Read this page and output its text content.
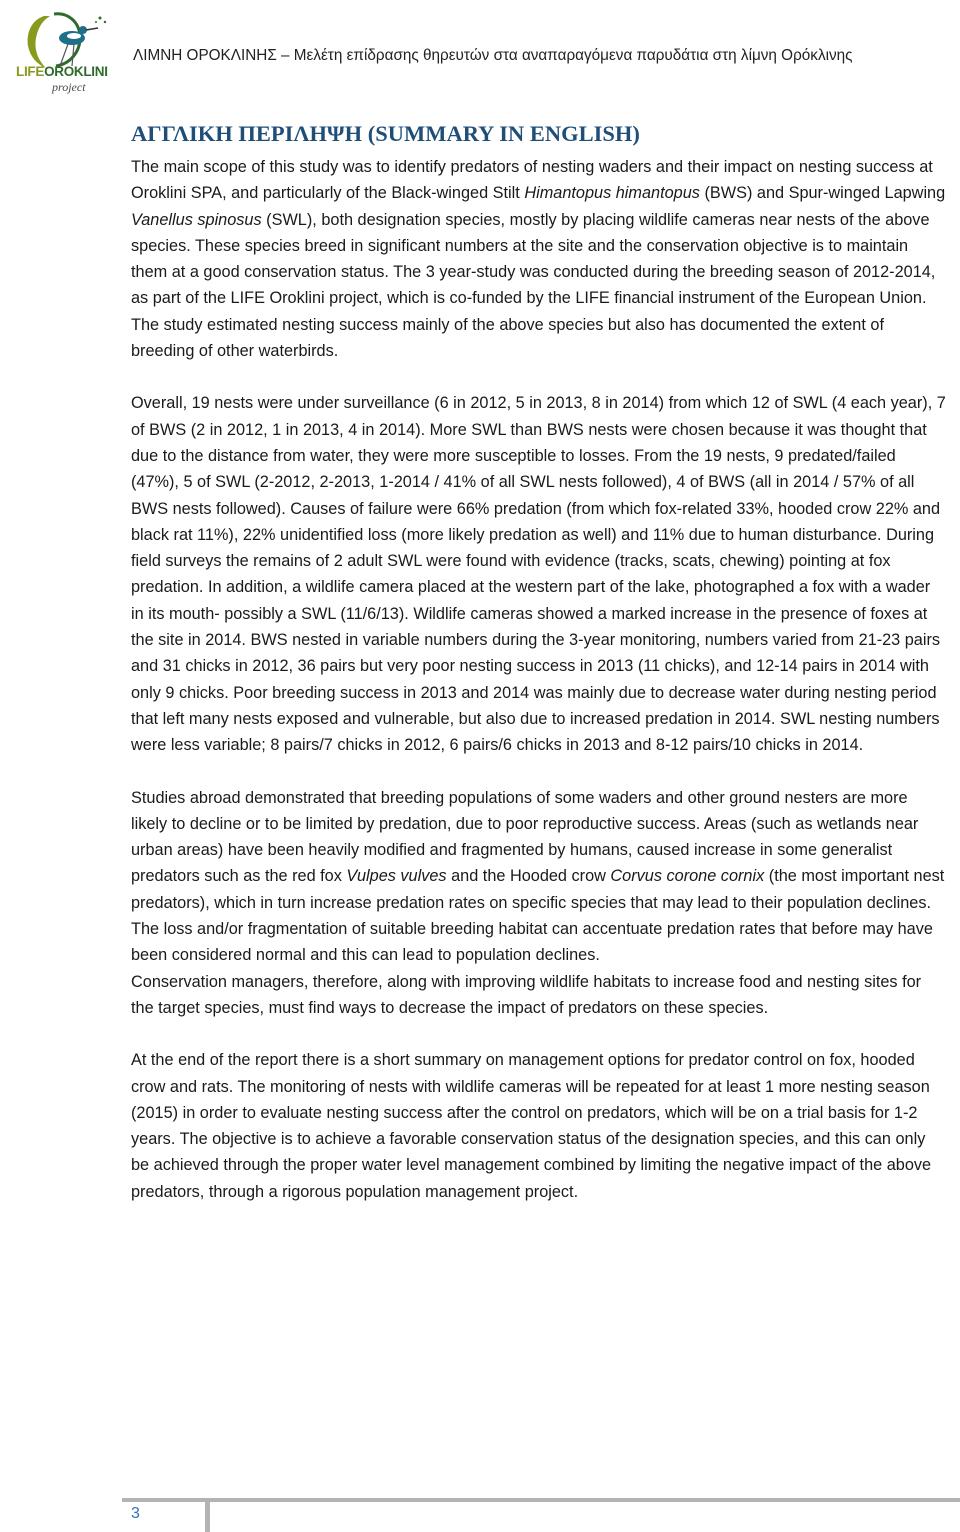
LIFEOROKLINI
project
ΛΙΜΝΗ ΟΡΟΚΛΙΝΗΣ – Μελέτη επίδρασης θηρευτών στα αναπαραγόμενα παρυδάτια στη λίμνη Ορόκλινης
ΑΓΓΛΙΚΗ ΠΕΡΙΛΗΨΗ (SUMMARY IN ENGLISH)

The main scope of this study was to identify predators of nesting waders and their impact on nesting success at Oroklini SPA, and particularly of the Black-winged Stilt Himantopus himantopus (BWS) and Spur-winged Lapwing Vanellus spinosus (SWL), both designation species, mostly by placing wildlife cameras near nests of the above species. These species breed in significant numbers at the site and the conservation objective is to maintain them at a good conservation status. The 3 year-study was conducted during the breeding season of 2012-2014, as part of the LIFE Oroklini project, which is co-funded by the LIFE financial instrument of the European Union. The study estimated nesting success mainly of the above species but also has documented the extent of breeding of other waterbirds.

Overall, 19 nests were under surveillance (6 in 2012, 5 in 2013, 8 in 2014) from which 12 of SWL (4 each year), 7 of BWS (2 in 2012, 1 in 2013, 4 in 2014). More SWL than BWS nests were chosen because it was thought that due to the distance from water, they were more susceptible to losses. From the 19 nests, 9 predated/failed (47%), 5 of SWL (2-2012, 2-2013, 1-2014 / 41% of all SWL nests followed), 4 of BWS (all in 2014 / 57% of all BWS nests followed). Causes of failure were 66% predation (from which fox-related 33%, hooded crow 22% and black rat 11%), 22% unidentified loss (more likely predation as well) and 11% due to human disturbance. During field surveys the remains of 2 adult SWL were found with evidence (tracks, scats, chewing) pointing at fox predation. In addition, a wildlife camera placed at the western part of the lake, photographed a fox with a wader in its mouth- possibly a SWL (11/6/13). Wildlife cameras showed a marked increase in the presence of foxes at the site in 2014. BWS nested in variable numbers during the 3-year monitoring, numbers varied from 21-23 pairs and 31 chicks in 2012, 36 pairs but very poor nesting success in 2013 (11 chicks), and 12-14 pairs in 2014 with only 9 chicks. Poor breeding success in 2013 and 2014 was mainly due to decrease water during nesting period that left many nests exposed and vulnerable, but also due to increased predation in 2014. SWL nesting numbers were less variable; 8 pairs/7 chicks in 2012, 6 pairs/6 chicks in 2013 and 8-12 pairs/10 chicks in 2014.

Studies abroad demonstrated that breeding populations of some waders and other ground nesters are more likely to decline or to be limited by predation, due to poor reproductive success. Areas (such as wetlands near urban areas) have been heavily modified and fragmented by humans, caused increase in some generalist predators such as the red fox Vulpes vulves and the Hooded crow Corvus corone cornix (the most important nest predators), which in turn increase predation rates on specific species that may lead to their population declines. The loss and/or fragmentation of suitable breeding habitat can accentuate predation rates that before may have been considered normal and this can lead to population declines.

Conservation managers, therefore, along with improving wildlife habitats to increase food and nesting sites for the target species, must find ways to decrease the impact of predators on these species.

At the end of the report there is a short summary on management options for predator control on fox, hooded crow and rats. The monitoring of nests with wildlife cameras will be repeated for at least 1 more nesting season (2015) in order to evaluate nesting success after the control on predators, which will be on a trial basis for 1-2 years. The objective is to achieve a favorable conservation status of the designation species, and this can only be achieved through the proper water level management combined by limiting the negative impact of the above predators, through a rigorous population management project.

3
